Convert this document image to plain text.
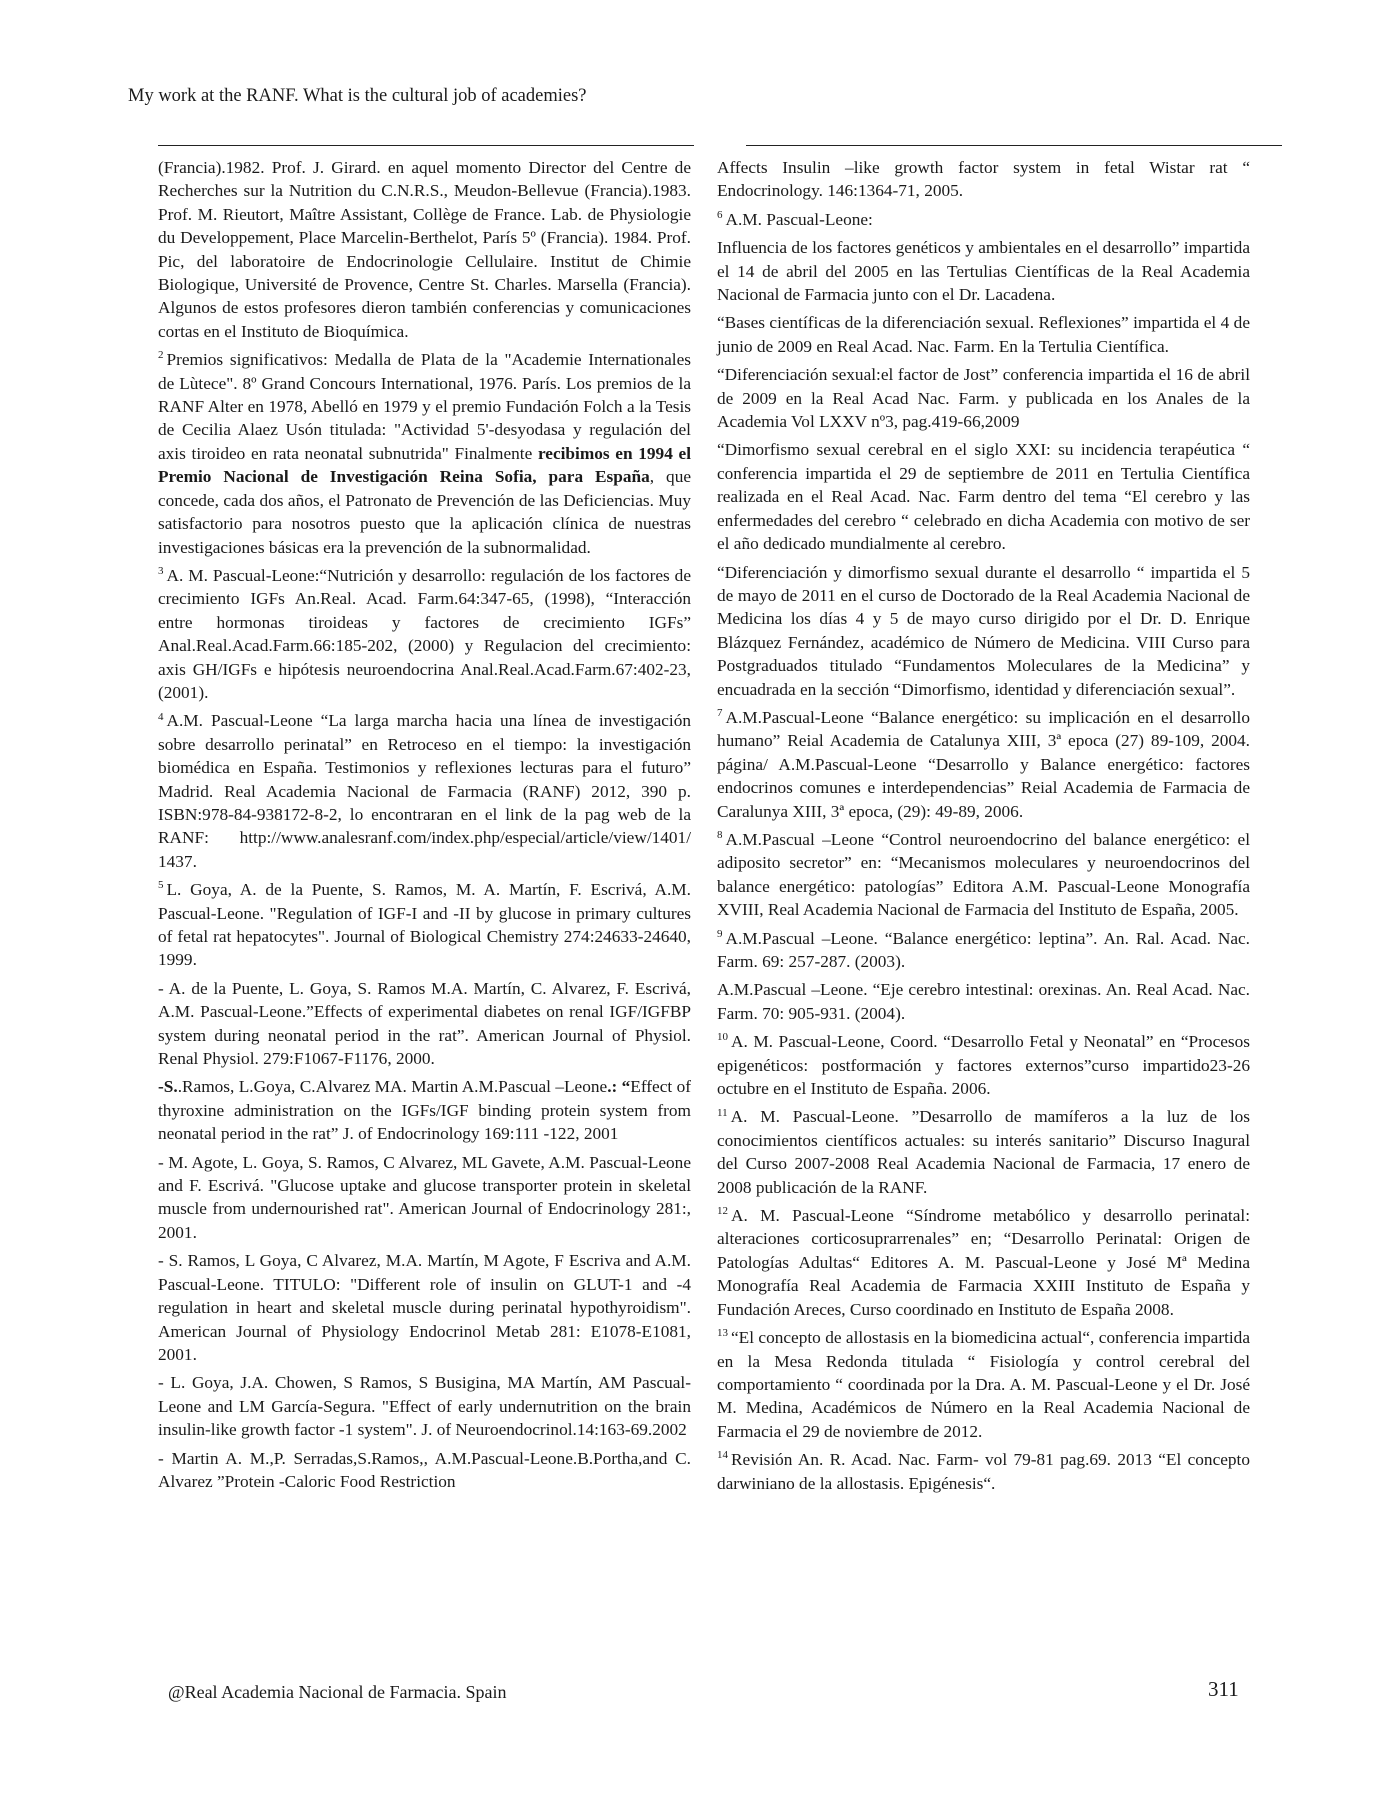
My work at the RANF. What is the cultural job of academies?

(Francia).1982. Prof. J. Girard. en aquel momento Director del Centre de Recherches sur la Nutrition du C.N.R.S., Meudon-Bellevue (Francia).1983. Prof. M. Rieutort, Maître Assistant, Collège de France. Lab. de Physiologie du Developpement, Place Marcelin-Berthelot, París 5º (Francia). 1984. Prof. Pic, del laboratoire de Endocrinologie Cellulaire. Institut de Chimie Biologique, Université de Provence, Centre St. Charles. Marsella (Francia). Algunos de estos profesores dieron también conferencias y comunicaciones cortas en el Instituto de Bioquímica.

$^2$ Premios significativos: Medalla de Plata de la "Academie Internationales de Lùtece". 8º Grand Concours International, 1976. París. Los premios de la RANF Alter en 1978, Abelló en 1979 y el premio Fundación Folch a la Tesis de Cecilia Alaez Usón titulada: "Actividad 5'-desyodasa y regulación del axis tiroideo en rata neonatal subnutrida" Finalmente recibimos en 1994 el Premio Nacional de Investigación Reina Sofia, para España, que concede, cada dos años, el Patronato de Prevención de las Deficiencias. Muy satisfactorio para nosotros puesto que la aplicación clínica de nuestras investigaciones básicas era la prevención de la subnormalidad.

$^3$ A. M. Pascual-Leone:“Nutrición y desarrollo: regulación de los factores de crecimiento IGFs An.Real. Acad. Farm.64:347-65, (1998), “Interacción entre hormonas tiroideas y factores de crecimiento IGFs” Anal.Real.Acad.Farm.66:185-202, (2000) y Regulacion del crecimiento: axis GH/IGFs e hipótesis neuroendocrina Anal.Real.Acad.Farm.67:402-23, (2001).

$^4$ A.M. Pascual-Leone “La larga marcha hacia una línea de investigación sobre desarrollo perinatal” en Retroceso en el tiempo: la investigación biomédica en España. Testimonios y reflexiones lecturas para el futuro” Madrid. Real Academia Nacional de Farmacia (RANF) 2012, 390 p. ISBN:978-84-938172-8-2, lo encontraran en el link de la pag web de la RANF: http://www.analesranf.com/index.php/especial/article/view/1401/ 1437.

$^5$ L. Goya, A. de la Puente, S. Ramos, M. A. Martín, F. Escrivá, A.M. Pascual-Leone. "Regulation of IGF-I and -II by glucose in primary cultures of fetal rat hepatocytes". Journal of Biological Chemistry 274:24633-24640, 1999.

- A. de la Puente, L. Goya, S. Ramos M.A. Martín, C. Alvarez, F. Escrivá, A.M. Pascual-Leone.”Effects of experimental diabetes on renal IGF/IGFBP system during neonatal period in the rat”. American Journal of Physiol. Renal Physiol. 279:F1067-F1176, 2000.

-S..Ramos, L.Goya, C.Alvarez MA. Martin A.M.Pascual –Leone.: “Effect of thyroxine administration on the IGFs/IGF binding protein system from neonatal period in the rat” J. of Endocrinology 169:111 -122, 2001

- M. Agote, L. Goya, S. Ramos, C Alvarez, ML Gavete, A.M. Pascual-Leone and F. Escrivá. "Glucose uptake and glucose transporter protein in skeletal muscle from undernourished rat". American Journal of Endocrinology 281:, 2001.

- S. Ramos, L Goya, C Alvarez, M.A. Martín, M Agote, F Escriva and A.M. Pascual-Leone. TITULO: "Different role of insulin on GLUT-1 and -4 regulation in heart and skeletal muscle during perinatal hypothyroidism". American Journal of Physiology Endocrinol Metab 281: E1078-E1081, 2001.

- L. Goya, J.A. Chowen, S Ramos, S Busigina, MA Martín, AM Pascual-Leone and LM García-Segura. "Effect of early undernutrition on the brain insulin-like growth factor -1 system". J. of Neuroendocrinol.14:163-69.2002

- Martin A. M.,P. Serradas,S.Ramos,, A.M.Pascual-Leone.B.Portha,and C. Alvarez ”Protein -Caloric Food Restriction

Affects Insulin –like growth factor system in fetal Wistar rat “ Endocrinology. 146:1364-71, 2005.

$^6$ A.M. Pascual-Leone:

Influencia de los factores genéticos y ambientales en el desarrollo” impartida el 14 de abril del 2005 en las Tertulias Científicas de la Real Academia Nacional de Farmacia junto con el Dr. Lacadena.

“Bases científicas de la diferenciación sexual. Reflexiones” impartida el 4 de junio de 2009 en Real Acad. Nac. Farm. En la Tertulia Científica.

“Diferenciación sexual:el factor de Jost” conferencia impartida el 16 de abril de 2009 en la Real Acad Nac. Farm. y publicada en los Anales de la Academia Vol LXXV nº3, pag.419-66,2009

“Dimorfismo sexual cerebral en el siglo XXI: su incidencia terapéutica “ conferencia impartida el 29 de septiembre de 2011 en Tertulia Científica realizada en el Real Acad. Nac. Farm dentro del tema “El cerebro y las enfermedades del cerebro “ celebrado en dicha Academia con motivo de ser el año dedicado mundialmente al cerebro.

“Diferenciación y dimorfismo sexual durante el desarrollo “ impartida el 5 de mayo de 2011 en el curso de Doctorado de la Real Academia Nacional de Medicina los días 4 y 5 de mayo curso dirigido por el Dr. D. Enrique Blázquez Fernández, académico de Número de Medicina. VIII Curso para Postgraduados titulado “Fundamentos Moleculares de la Medicina” y encuadrada en la sección “Dimorfismo, identidad y diferenciación sexual”.

$^7$ A.M.Pascual-Leone “Balance energético: su implicación en el desarrollo humano” Reial Academia de Catalunya XIII, 3ª epoca (27) 89-109, 2004. página/ A.M.Pascual-Leone “Desarrollo y Balance energético: factores endocrinos comunes e interdependencias” Reial Academia de Farmacia de Caralunya XIII, 3ª epoca, (29): 49-89, 2006.

$^8$ A.M.Pascual –Leone “Control neuroendocrino del balance energético: el adiposito secretor” en: “Mecanismos moleculares y neuroendocrinos del balance energético: patologías” Editora A.M. Pascual-Leone Monografía XVIII, Real Academia Nacional de Farmacia del Instituto de España, 2005.

$^9$ A.M.Pascual –Leone. “Balance energético: leptina”. An. Ral. Acad. Nac. Farm. 69: 257-287. (2003).

A.M.Pascual –Leone. “Eje cerebro intestinal: orexinas. An. Real Acad. Nac. Farm. 70: 905-931. (2004).

$^{10}$ A. M. Pascual-Leone, Coord. “Desarrollo Fetal y Neonatal” en “Procesos epigenéticos: postformación y factores externos”curso impartido23-26 octubre en el Instituto de España. 2006.

$^{11}$ A. M. Pascual-Leone. ”Desarrollo de mamíferos a la luz de los conocimientos científicos actuales: su interés sanitario” Discurso Inagural del Curso 2007-2008 Real Academia Nacional de Farmacia, 17 enero de 2008 publicación de la RANF.

$^{12}$ A. M. Pascual-Leone “Síndrome metabólico y desarrollo perinatal: alteraciones corticosuprarrenales” en; “Desarrollo Perinatal: Origen de Patologías Adultas“ Editores A. M. Pascual-Leone y José Mª Medina Monografía Real Academia de Farmacia XXIII Instituto de España y Fundación Areces, Curso coordinado en Instituto de España 2008.

$^{13}$ “El concepto de allostasis en la biomedicina actual“, conferencia impartida en la Mesa Redonda titulada “ Fisiología y control cerebral del comportamiento “ coordinada por la Dra. A. M. Pascual-Leone y el Dr. José M. Medina, Académicos de Número en la Real Academia Nacional de Farmacia el 29 de noviembre de 2012.

$^{14}$ Revisión An. R. Acad. Nac. Farm- vol 79-81 pag.69. 2013 “El concepto darwiniano de la allostasis. Epigénesis“.

@Real Academia Nacional de Farmacia. Spain	311
